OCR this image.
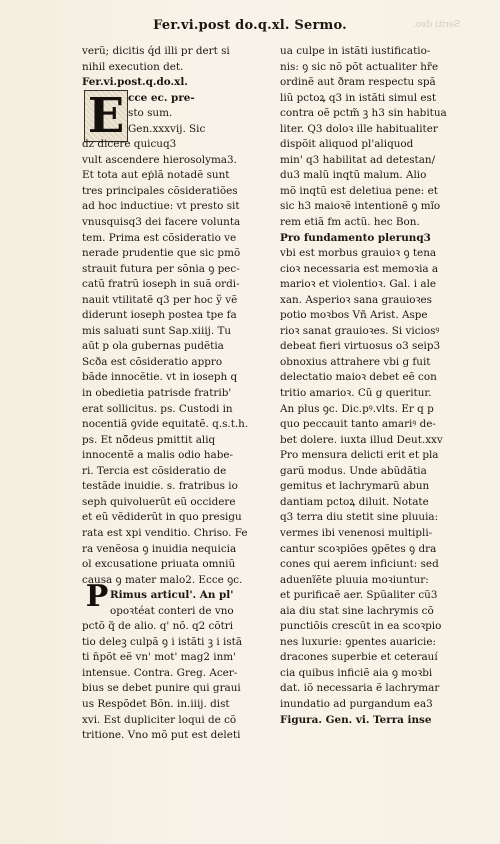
Fer.vi.post do.q.xl. Sermo.	Seriti deo.
E
P
verũ; dicitis q́d illi pr dert si
nihil execution det.
Fer.vi.post.q.do.xl.
cce ec. pre-
sto sum.
Gen.xxxvij. Sic
dz dicere quicuq3
vult ascendere hierosolyma3.
Et tota aut eṗlã notadẽ sunt
tres principales cõsideratiões
ad hoc inductiue: vt presto sit
vnusquisq3 dei facere volunta
tem. Prima est cõsideratio ve
nerade prudentie que sic pmõ
strauit futura per sõnia ꝯ pec-
catũ fratrũ ioseph in suã ordi-
nauit vtilitatẽ q3 per hoc ỹ vẽ
diderunt ioseph postea tpe fa
mis saluati sunt Sap.xiiij. Tu
aũt p ola gubernas pudẽtia
Scða est cõsideratio appro
bãde innocẽtie. vt in ioseph q
in obedietia patrisde fratrib'
erat sollicitus. ps. Custodi in
nocentiã ꝯvide equitatẽ. q.s.t.h.
ps. Et nõ̃deus pmittit aliq
innocentẽ a malis odio habe-
ri. Tercia est cõsideratio de
testãde inuidie. s. fratribus io
seph quivoluerũt eũ occidere
et eũ vẽdiderũt in quo presigu
rata est xpi venditio. Chriso. Fe
ra venẽosa ꝯ inuidia nequicia
ol excusatione priuata omniũ
causa ꝯ mater malo2. Ecce ꝯc.
Rimus articul'. An pl'
opoꝛtéat conteri de vno
pctõ q̃ de alio. q' nõ. q2 cõtri
tio deleꝫ culpã ꝯ i istãti ꝫ i istã
ti n̄põt eẽ vn' mot' mag2 inm'
intensue. Contra. Greg. Acer-
bius se debet punire qui graui
us Respõdet Bõn. in.iiij. dist
xvi. Est dupliciter loqui de cõ
tritione. Vno mõ put est deleti
ua culpe in istãti iustificatio-
nis: ꝯ sic nõ põt actualiter hr̃e
ordinẽ aut ðram respectu spã
liũ pctoꝝ q3 in istãti simul est
contra oẽ pctm̃ ꝫ h3 sin habitua
liter. Q3 doloꝛ ille habitualiter
dispõit aliquod pl'aliquod
min' q3 habilitat ad detestan/
du3 malũ inqtũ malum. Alio
mõ inqtũ est deletiua pene: et
sic h3 maioꝛẽ intentionẽ ꝯ mĩo
rem etiã fm actũ. hec Bon.
Pro fundamento plerunq3
vbi est morbus grauioꝛ ꝯ tena
cioꝛ necessaria est memoꝛia a
marioꝛ et violentioꝛ. Gal. i ale
xan. Asperioꝛ sana grauioꝛes
potio moꝛbos Vñ Arist. Aspe
rioꝛ sanat grauioꝛes. Si viciosꝰ
debeat fieri virtuosus o3 seip3
obnoxius attrahere vbi g fuit
delectatio maioꝛ debet eẽ con
tritio amarioꝛ. Cũ g queritur.
An plus ꝯc. Dic.pꝰ.vlts. Er q p
quo peccauit tanto amariꝰ de-
bet dolere. iuxta illud Deut.xxv
Pro mensura delicti erit et pla
garũ modus. Unde abũdãtia
gemitus et lachrymarũ abun
dantiam pctoꝝ diluit. Notate
q3 terra diu stetit sine pluuia:
vermes ibi venenosi multipli-
cantur scoꝛpiões ꝯpẽtes ꝯ dra
cones qui aerem inficiunt: sed
aduenĩẽte pluuia moꝛiuntur:
et purificaẽ aer. Spũaliter cũ3
aia diu stat sine lachrymis cõ
punctiõis crescũt in ea scoꝛpio
nes luxurie: ꝯpentes auaricie:
dracones superbie et ceterauí
cia quibus inficiẽ aia ꝯ moꝛbi
dat. iõ necessaria ẽ lachrymar
inundatio ad purgandum ea3
Figura. Gen. vi. Terra inse
